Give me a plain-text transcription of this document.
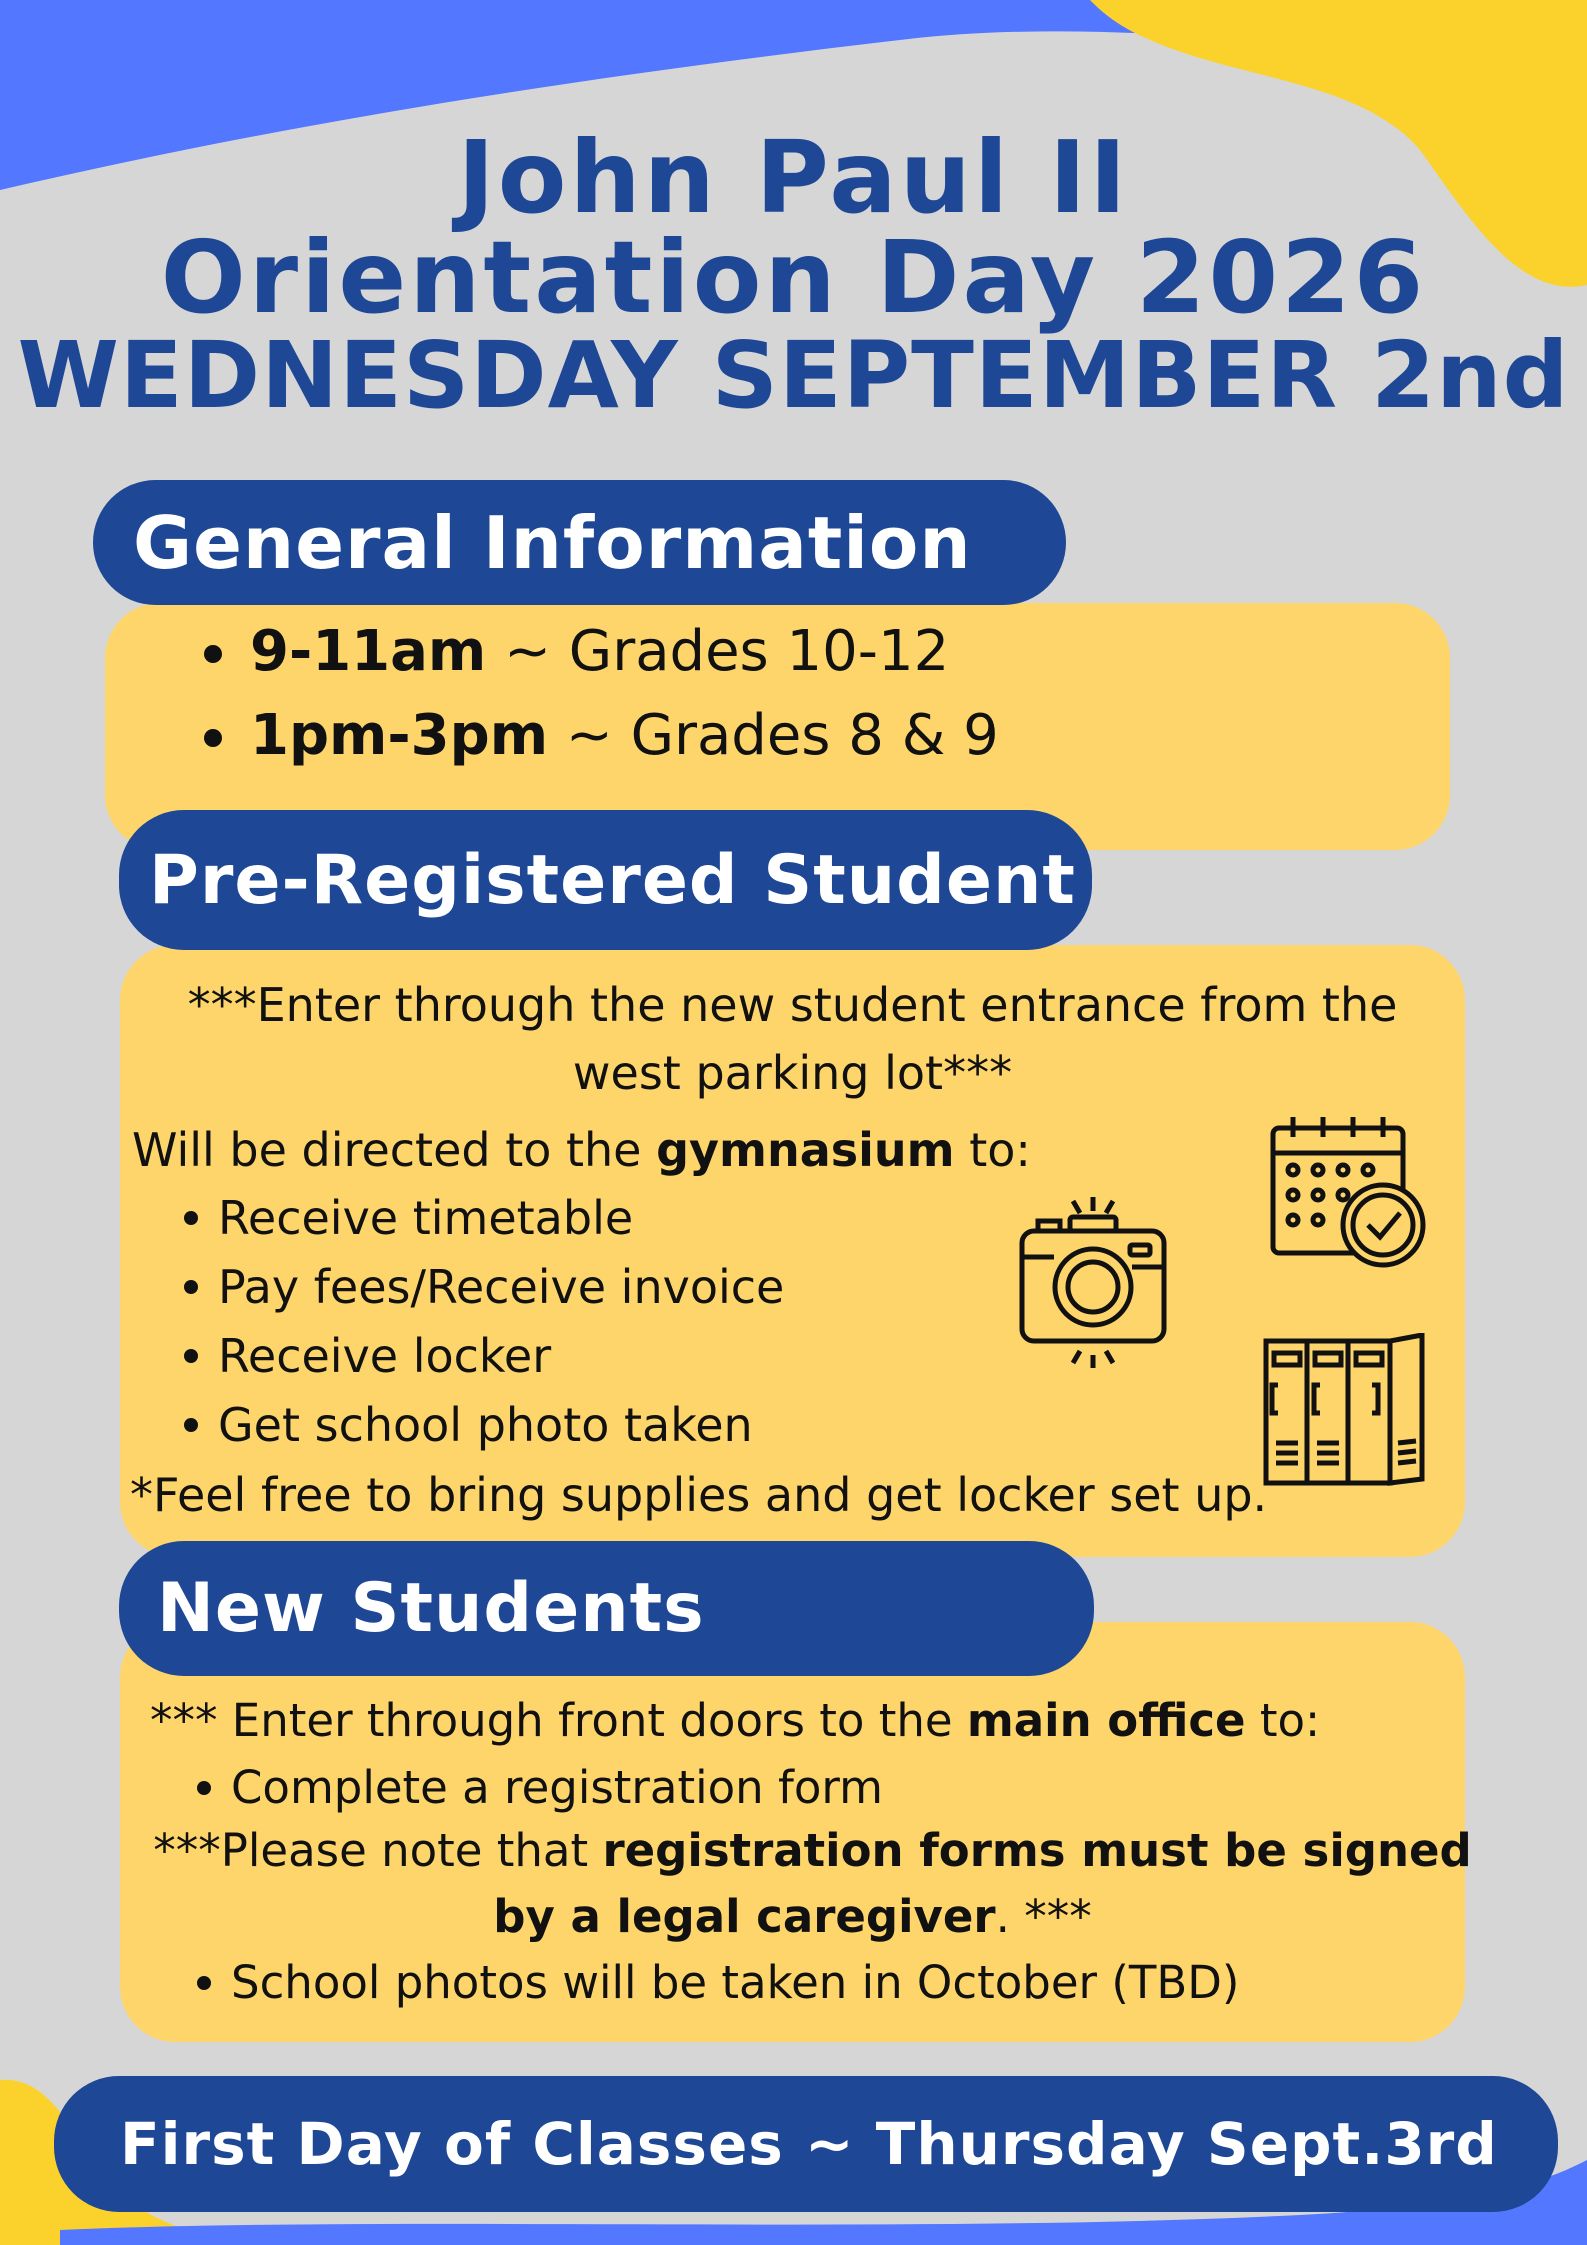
John Paul II
Orientation Day 2026
WEDNESDAY SEPTEMBER 2nd
General Information
9-11am ~ Grades 10-12
1pm-3pm ~ Grades 8 & 9
Pre-Registered Student

***Enter through the new student entrance from the

west parking lot***

Will be directed to the gymnasium to:

Receive timetable
Pay fees/Receive invoice
Receive locker
Get school photo taken

*Feel free to bring supplies and get locker set up.

New Students

*** Enter through front doors to the main office to:

Complete a registration form

***Please note that registration forms must be signed

by a legal caregiver. ***

School photos will be taken in October (TBD)
First Day of Classes ~ Thursday Sept.3rd
